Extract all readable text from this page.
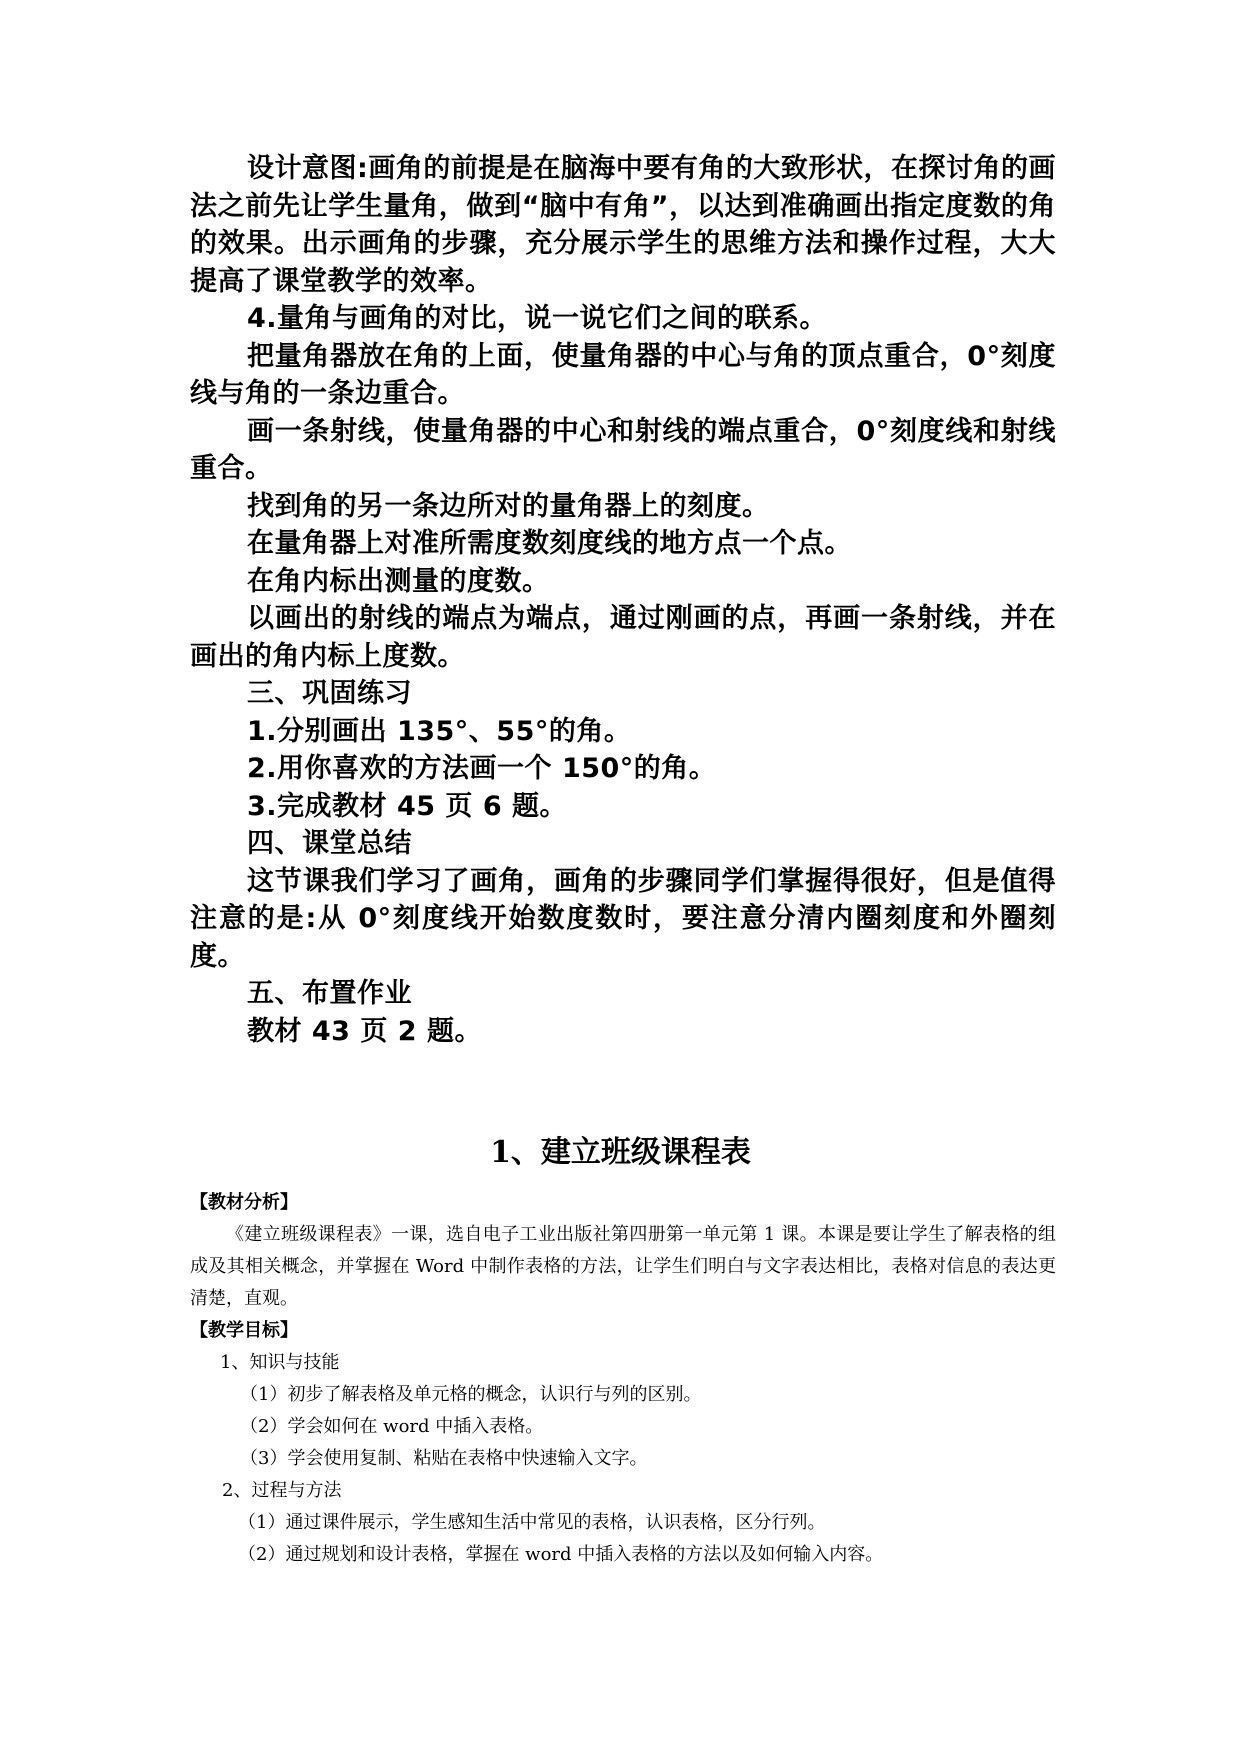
设计意图:画角的前提是在脑海中要有角的大致形状，在探讨角的画法之前先让学生量角，做到“脑中有角”，以达到准确画出指定度数的角的效果。出示画角的步骤，充分展示学生的思维方法和操作过程，大大提高了课堂教学的效率。

4.量角与画角的对比，说一说它们之间的联系。

把量角器放在角的上面，使量角器的中心与角的顶点重合，0°刻度线与角的一条边重合。

画一条射线，使量角器的中心和射线的端点重合，0°刻度线和射线重合。

找到角的另一条边所对的量角器上的刻度。

在量角器上对准所需度数刻度线的地方点一个点。

在角内标出测量的度数。

以画出的射线的端点为端点，通过刚画的点，再画一条射线，并在画出的角内标上度数。

三、巩固练习

1.分别画出 135°、55°的角。

2.用你喜欢的方法画一个 150°的角。

3.完成教材 45 页 6 题。

四、课堂总结

这节课我们学习了画角，画角的步骤同学们掌握得很好，但是值得注意的是:从 0°刻度线开始数度数时，要注意分清内圈刻度和外圈刻度。

五、布置作业

教材 43 页 2 题。

1、建立班级课程表

【教材分析】

《建立班级课程表》一课，选自电子工业出版社第四册第一单元第 1 课。本课是要让学生了解表格的组成及其相关概念，并掌握在 Word 中制作表格的方法，让学生们明白与文字表达相比，表格对信息的表达更清楚，直观。

【教学目标】

1、知识与技能

（1）初步了解表格及单元格的概念，认识行与列的区别。

（2）学会如何在 word 中插入表格。

（3）学会使用复制、粘贴在表格中快速输入文字。

2、过程与方法

（1）通过课件展示，学生感知生活中常见的表格，认识表格，区分行列。

（2）通过规划和设计表格，掌握在 word 中插入表格的方法以及如何输入内容。
